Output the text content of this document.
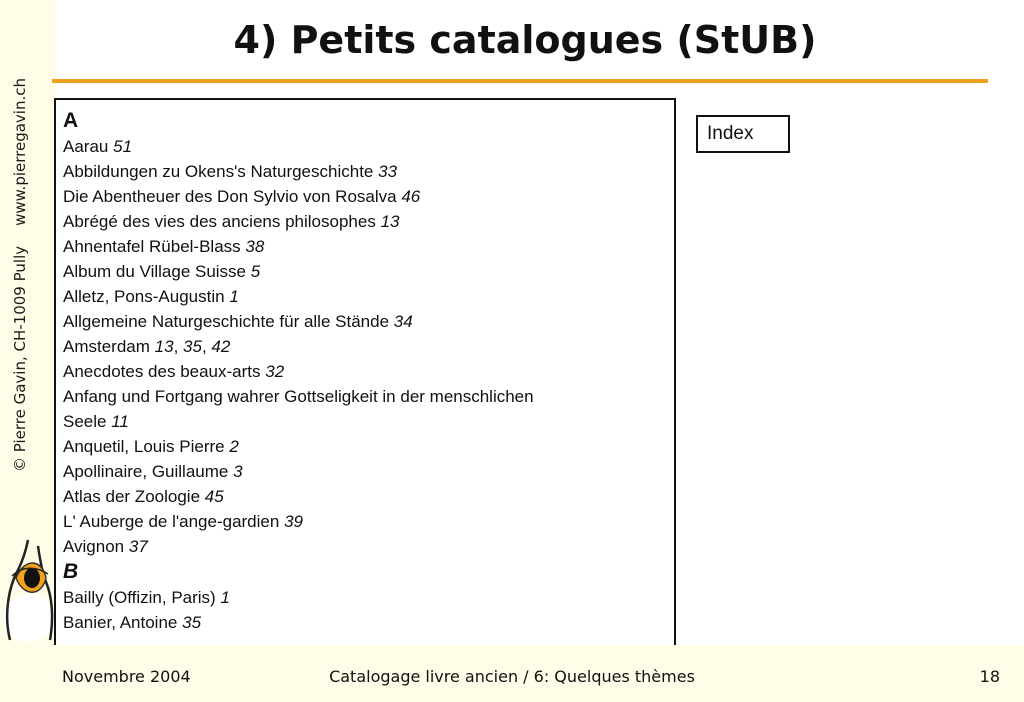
© Pierre Gavin, CH-1009 Pullywww.pierregavin.ch
4) Petits catalogues (StUB)
A
Aarau 51
Abbildungen zu Okens's Naturgeschichte 33
Die Abentheuer des Don Sylvio von Rosalva 46
Abrégé des vies des anciens philosophes 13
Ahnentafel Rübel-Blass 38
Album du Village Suisse 5
Alletz, Pons-Augustin 1
Allgemeine Naturgeschichte für alle Stände 34
Amsterdam 13, 35, 42
Anecdotes des beaux-arts 32
Anfang und Fortgang wahrer Gottseligkeit in der menschlichen
Seele 11
Anquetil, Louis Pierre 2
Apollinaire, Guillaume 3
Atlas der Zoologie 45
L' Auberge de l'ange-gardien 39
Avignon 37
B
Bailly (Offizin, Paris) 1
Banier, Antoine 35
Index
Novembre 2004	Catalogage livre ancien / 6: Quelques thèmes	18
